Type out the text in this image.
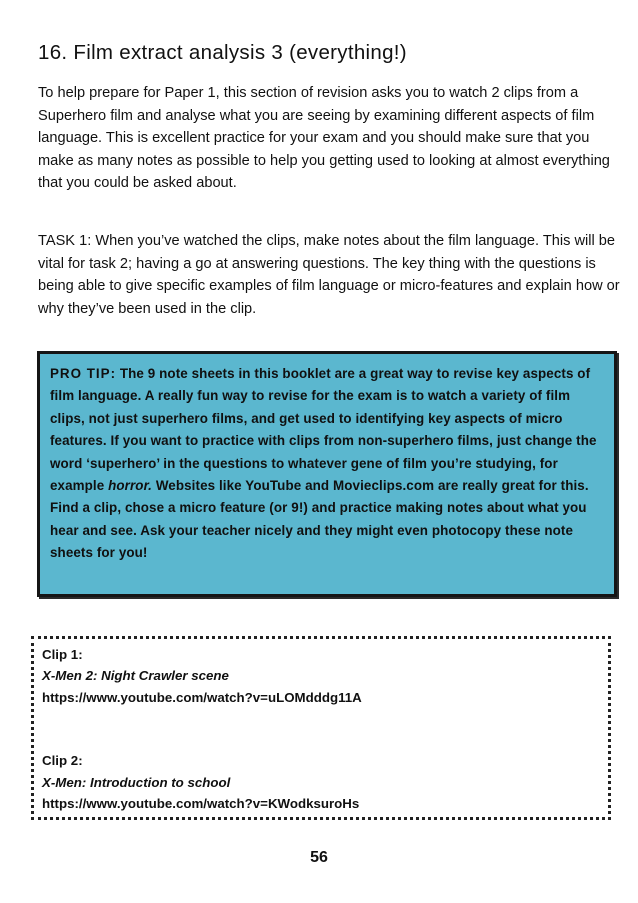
16. Film extract analysis 3 (everything!)
To help prepare for Paper 1, this section of revision asks you to watch 2 clips from a Superhero film and analyse what you are seeing by examining different aspects of film language. This is excellent practice for your exam and you should make sure that you make as many notes as possible to help you getting used to looking at almost everything that you could be asked about.
TASK 1: When you’ve watched the clips, make notes about the film language. This will be vital for task 2; having a go at answering questions. The key thing with the questions is being able to give specific examples of film language or micro-features and explain how or why they’ve been used in the clip.
PRO TIP: The 9 note sheets in this booklet are a great way to revise key aspects of film language. A really fun way to revise for the exam is to watch a variety of film clips, not just superhero films, and get used to identifying key aspects of micro features. If you want to practice with clips from non-superhero films, just change the word ‘superhero’ in the questions to whatever gene of film you’re studying, for example horror. Websites like YouTube and Movieclips.com are really great for this. Find a clip, chose a micro feature (or 9!) and practice making notes about what you hear and see. Ask your teacher nicely and they might even photocopy these note sheets for you!
Clip 1:
X-Men 2: Night Crawler scene
https://www.youtube.com/watch?v=uLOMdddg11A
Clip 2:
X-Men: Introduction to school
https://www.youtube.com/watch?v=KWodksuroHs
56
